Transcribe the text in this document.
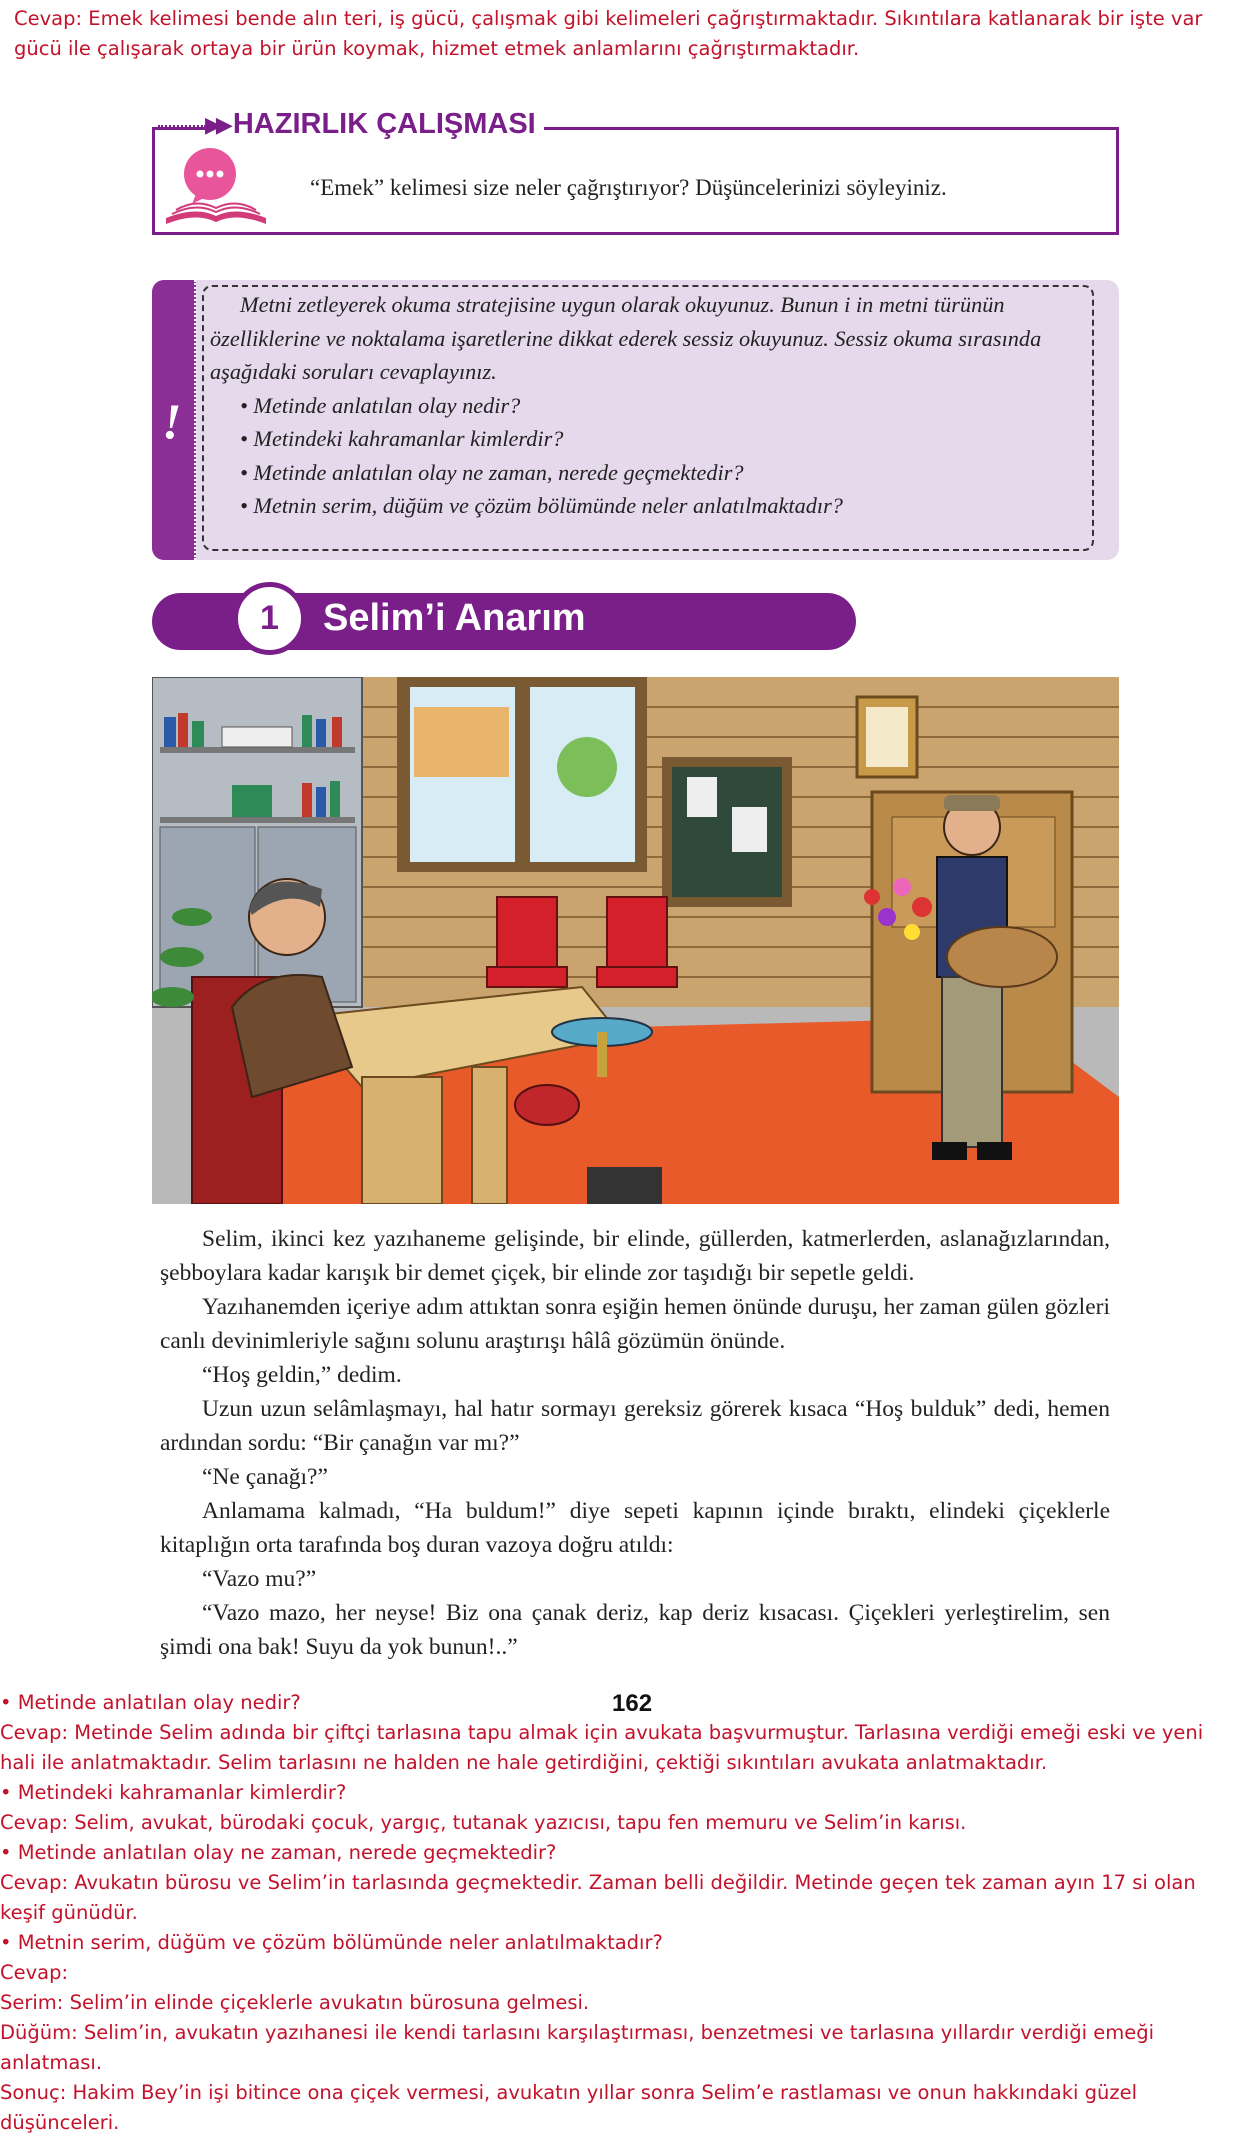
Cevap: Emek kelimesi bende alın teri, iş gücü, çalışmak gibi kelimeleri çağrıştırmaktadır. Sıkıntılara katlanarak bir işte var gücü ile çalışarak ortaya bir ürün koymak, hizmet etmek anlamlarını çağrıştırmaktadır.
▶▶ HAZIRLIK ÇALIŞMASI
“Emek” kelimesi size neler çağrıştırıyor? Düşüncelerinizi söyleyiniz.
!

Metni zetleyerek okuma stratejisine uygun olarak okuyunuz. Bunun i in metni türünün özelliklerine ve noktalama işaretlerine dikkat ederek sessiz okuyunuz. Sessiz okuma sırasında aşağıdaki soruları cevaplayınız.

• Metinde anlatılan olay nedir?
• Metindeki kahramanlar kimlerdir?
• Metinde anlatılan olay ne zaman, nerede geçmektedir?
• Metnin serim, düğüm ve çözüm bölümünde neler anlatılmaktadır?
1	Selim’i Anarım

Selim, ikinci kez yazıhaneme gelişinde, bir elinde, güllerden, katmerlerden, aslanağızlarından, şebboylara kadar karışık bir demet çiçek, bir elinde zor taşıdığı bir sepetle geldi.

Yazıhanemden içeriye adım attıktan sonra eşiğin hemen önünde duruşu, her zaman gülen gözleri canlı devinimleriyle sağını solunu araştırışı hâlâ gözümün önünde.

“Hoş geldin,” dedim.

Uzun uzun selâmlaşmayı, hal hatır sormayı gereksiz görerek kısaca “Hoş bulduk” dedi, hemen ardından sordu: “Bir çanağın var mı?”

“Ne çanağı?”

Anlamama kalmadı, “Ha buldum!” diye sepeti kapının içinde bıraktı, elindeki çiçeklerle kitaplığın orta tarafında boş duran vazoya doğru atıldı:

“Vazo mu?”

“Vazo mazo, her neyse! Biz ona çanak deriz, kap deriz kısacası. Çiçekleri yerleştirelim, sen şimdi ona bak! Suyu da yok bunun!..”

162

• Metinde anlatılan olay nedir?

Cevap: Metinde Selim adında bir çiftçi tarlasına tapu almak için avukata başvurmuştur. Tarlasına verdiği emeği eski ve yeni hali ile anlatmaktadır. Selim tarlasını ne halden ne hale getirdiğini, çektiği sıkıntıları avukata anlatmaktadır.

• Metindeki kahramanlar kimlerdir?

Cevap: Selim, avukat, bürodaki çocuk, yargıç, tutanak yazıcısı, tapu fen memuru ve Selim’in karısı.

• Metinde anlatılan olay ne zaman, nerede geçmektedir?

Cevap: Avukatın bürosu ve Selim’in tarlasında geçmektedir. Zaman belli değildir. Metinde geçen tek zaman ayın 17 si olan keşif günüdür.

• Metnin serim, düğüm ve çözüm bölümünde neler anlatılmaktadır?

Cevap:

Serim: Selim’in elinde çiçeklerle avukatın bürosuna gelmesi.

Düğüm: Selim’in, avukatın yazıhanesi ile kendi tarlasını karşılaştırması, benzetmesi ve tarlasına yıllardır verdiği emeği anlatması.

Sonuç: Hakim Bey’in işi bitince ona çiçek vermesi, avukatın yıllar sonra Selim’e rastlaması ve onun hakkındaki güzel düşünceleri.
